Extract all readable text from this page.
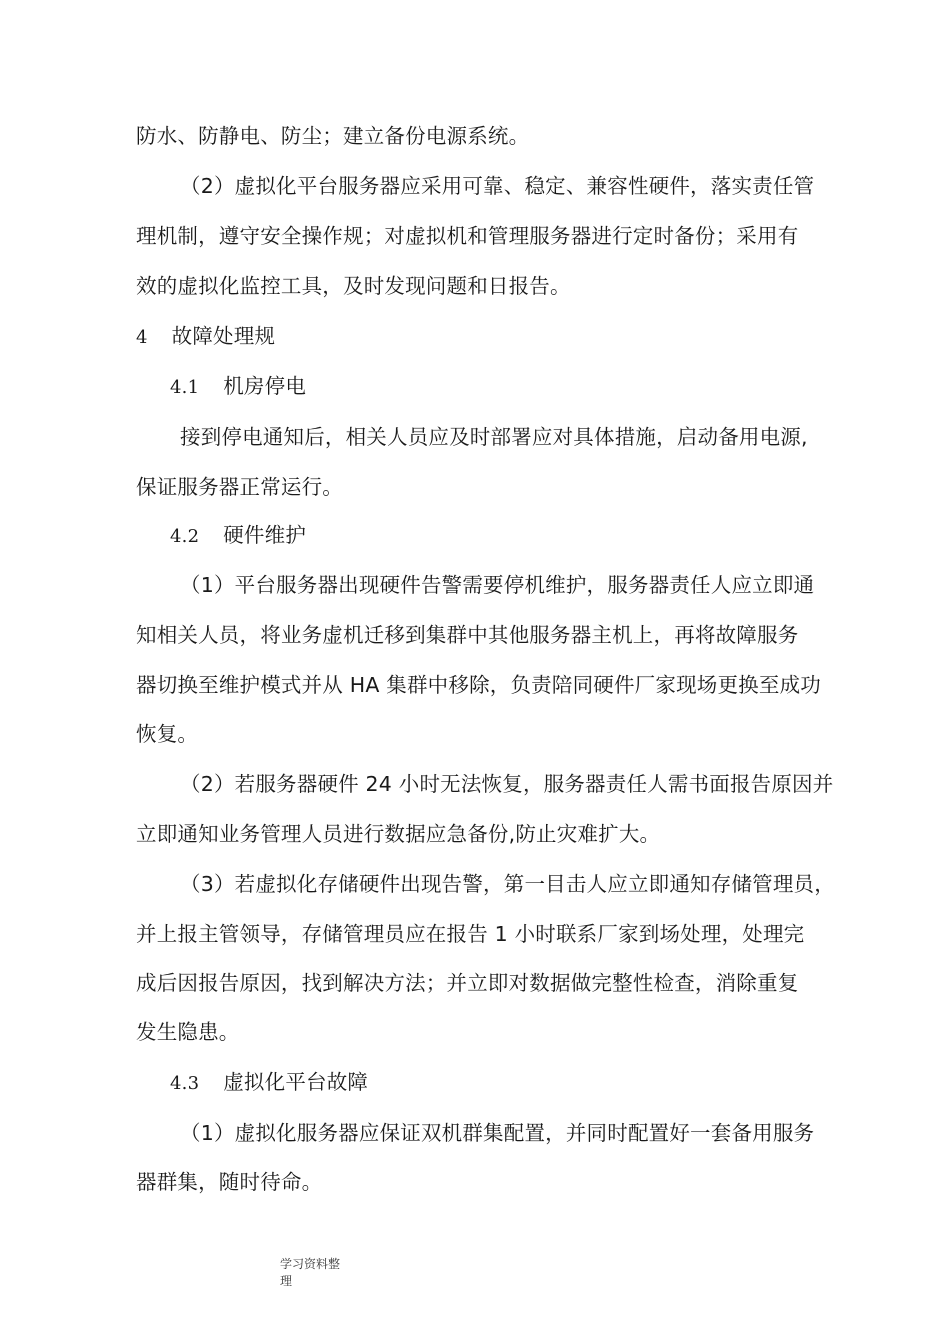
防水、防静电、防尘；建立备份电源系统。
（2）虚拟化平台服务器应采用可靠、稳定、兼容性硬件，落实责任管
理机制，遵守安全操作规；对虚拟机和管理服务器进行定时备份；采用有
效的虚拟化监控工具，及时发现问题和日报告。
4 故障处理规
4.1 机房停电
接到停电通知后，相关人员应及时部署应对具体措施，启动备用电源,
保证服务器正常运行。
4.2 硬件维护
（1）平台服务器出现硬件告警需要停机维护，服务器责任人应立即通
知相关人员，将业务虚机迁移到集群中其他服务器主机上，再将故障服务
器切换至维护模式并从 HA 集群中移除，负责陪同硬件厂家现场更换至成功
恢复。
（2）若服务器硬件 24 小时无法恢复，服务器责任人需书面报告原因并
立即通知业务管理人员进行数据应急备份,防止灾难扩大。
（3）若虚拟化存储硬件出现告警，第一目击人应立即通知存储管理员，
并上报主管领导，存储管理员应在报告 1 小时联系厂家到场处理，处理完
成后因报告原因，找到解决方法；并立即对数据做完整性检查，消除重复
发生隐患。
4.3 虚拟化平台故障
（1）虚拟化服务器应保证双机群集配置，并同时配置好一套备用服务
器群集，随时待命。
学习资料整
理
